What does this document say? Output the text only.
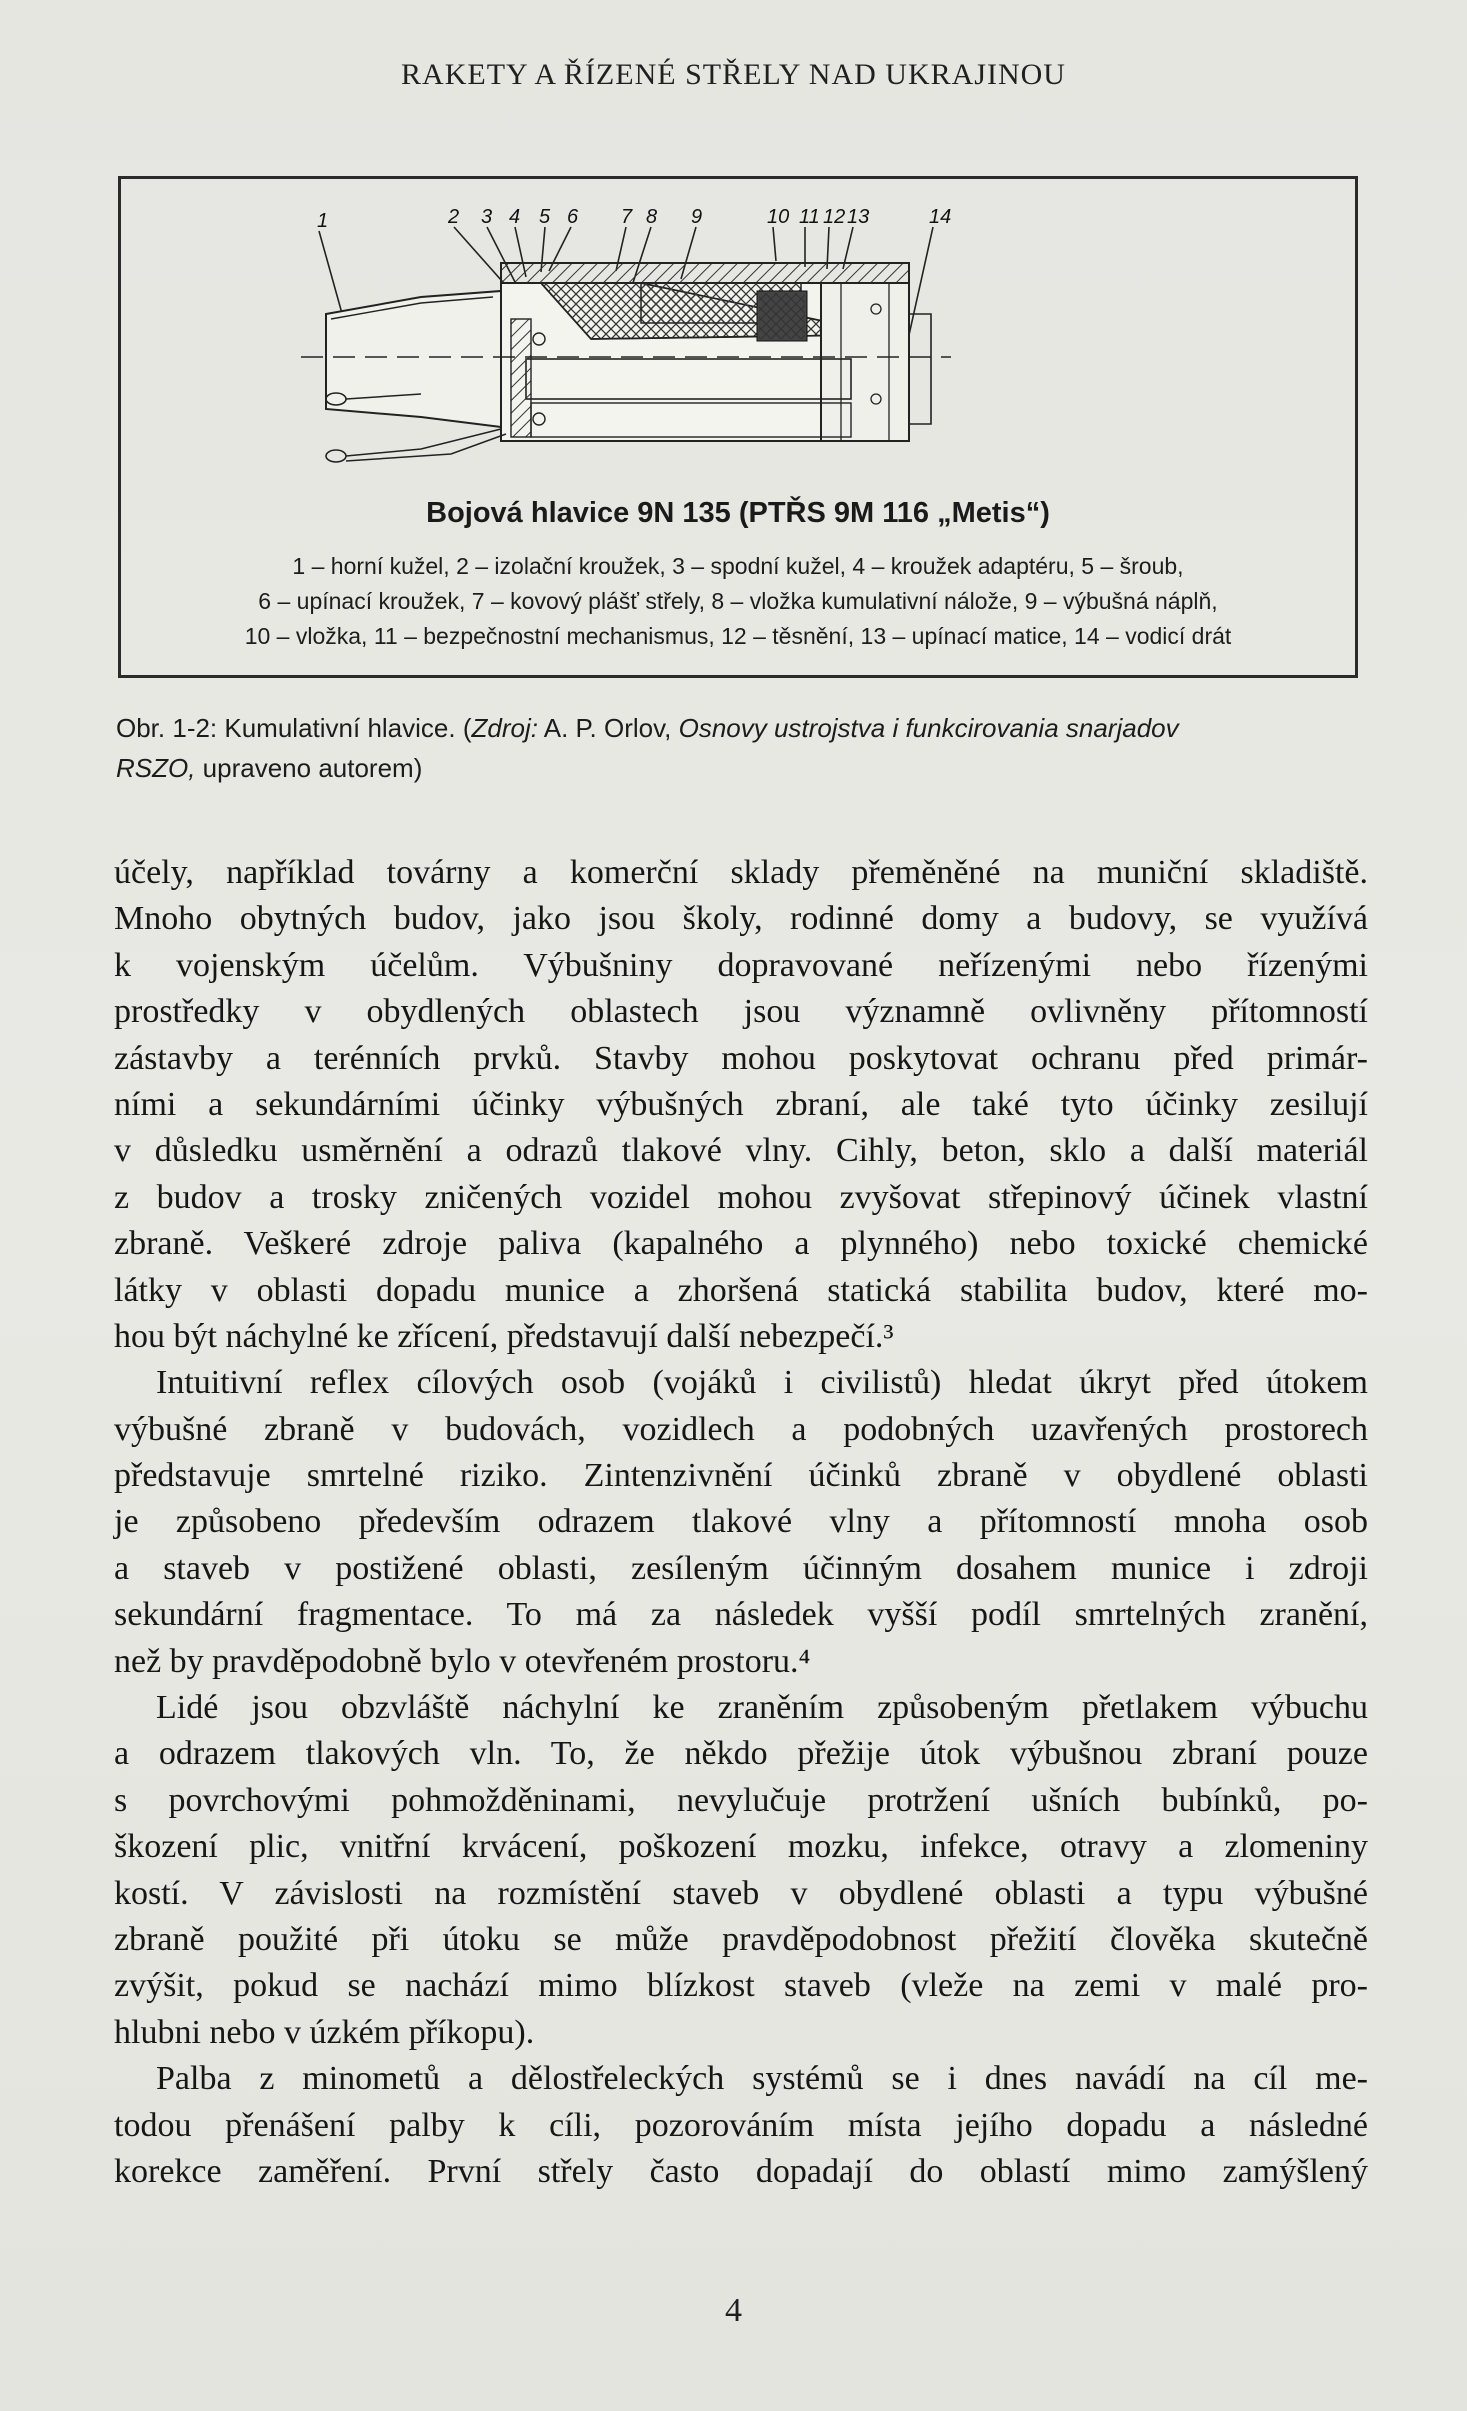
RAKETY A ŘÍZENÉ STŘELY NAD UKRAJINOU
1	2 3 4 5 6 7 8 9	10 11 12 13	14
Bojová hlavice 9N 135 (PTŘS 9M 116 „Metis“)
1 – horní kužel, 2 – izolační kroužek, 3 – spodní kužel, 4 – kroužek adaptéru, 5 – šroub,
6 – upínací kroužek, 7 – kovový plášť střely, 8 – vložka kumulativní nálože, 9 – výbušná náplň,
10 – vložka, 11 – bezpečnostní mechanismus, 12 – těsnění, 13 – upínací matice, 14 – vodicí drát
Obr. 1-2: Kumulativní hlavice. (Zdroj: A. P. Orlov, Osnovy ustrojstva i funkcirovania snarjadov
RSZO, upraveno autorem)
účely, například továrny a komerční sklady přeměněné na muniční skladiště.
Mnoho obytných budov, jako jsou školy, rodinné domy a budovy, se využívá
k vojenským účelům. Výbušniny dopravované neřízenými nebo řízenými
prostředky v obydlených oblastech jsou významně ovlivněny přítomností
zástavby a terénních prvků. Stavby mohou poskytovat ochranu před primár-
ními a sekundárními účinky výbušných zbraní, ale také tyto účinky zesilují
v důsledku usměrnění a odrazů tlakové vlny. Cihly, beton, sklo a další materiál
z budov a trosky zničených vozidel mohou zvyšovat střepinový účinek vlastní
zbraně. Veškeré zdroje paliva (kapalného a plynného) nebo toxické chemické
látky v oblasti dopadu munice a zhoršená statická stabilita budov, které mo-
hou být náchylné ke zřícení, představují další nebezpečí.³
Intuitivní reflex cílových osob (vojáků i civilistů) hledat úkryt před útokem
výbušné zbraně v budovách, vozidlech a podobných uzavřených prostorech
představuje smrtelné riziko. Zintenzivnění účinků zbraně v obydlené oblasti
je způsobeno především odrazem tlakové vlny a přítomností mnoha osob
a staveb v postižené oblasti, zesíleným účinným dosahem munice i zdroji
sekundární fragmentace. To má za následek vyšší podíl smrtelných zranění,
než by pravděpodobně bylo v otevřeném prostoru.⁴
Lidé jsou obzvláště náchylní ke zraněním způsobeným přetlakem výbuchu
a odrazem tlakových vln. To, že někdo přežije útok výbušnou zbraní pouze
s povrchovými pohmožděninami, nevylučuje protržení ušních bubínků, po-
škození plic, vnitřní krvácení, poškození mozku, infekce, otravy a zlomeniny
kostí. V závislosti na rozmístění staveb v obydlené oblasti a typu výbušné
zbraně použité při útoku se může pravděpodobnost přežití člověka skutečně
zvýšit, pokud se nachází mimo blízkost staveb (vleže na zemi v malé pro-
hlubni nebo v úzkém příkopu).
Palba z minometů a dělostřeleckých systémů se i dnes navádí na cíl me-
todou přenášení palby k cíli, pozorováním místa jejího dopadu a následné
korekce zaměření. První střely často dopadají do oblastí mimo zamýšlený
4
